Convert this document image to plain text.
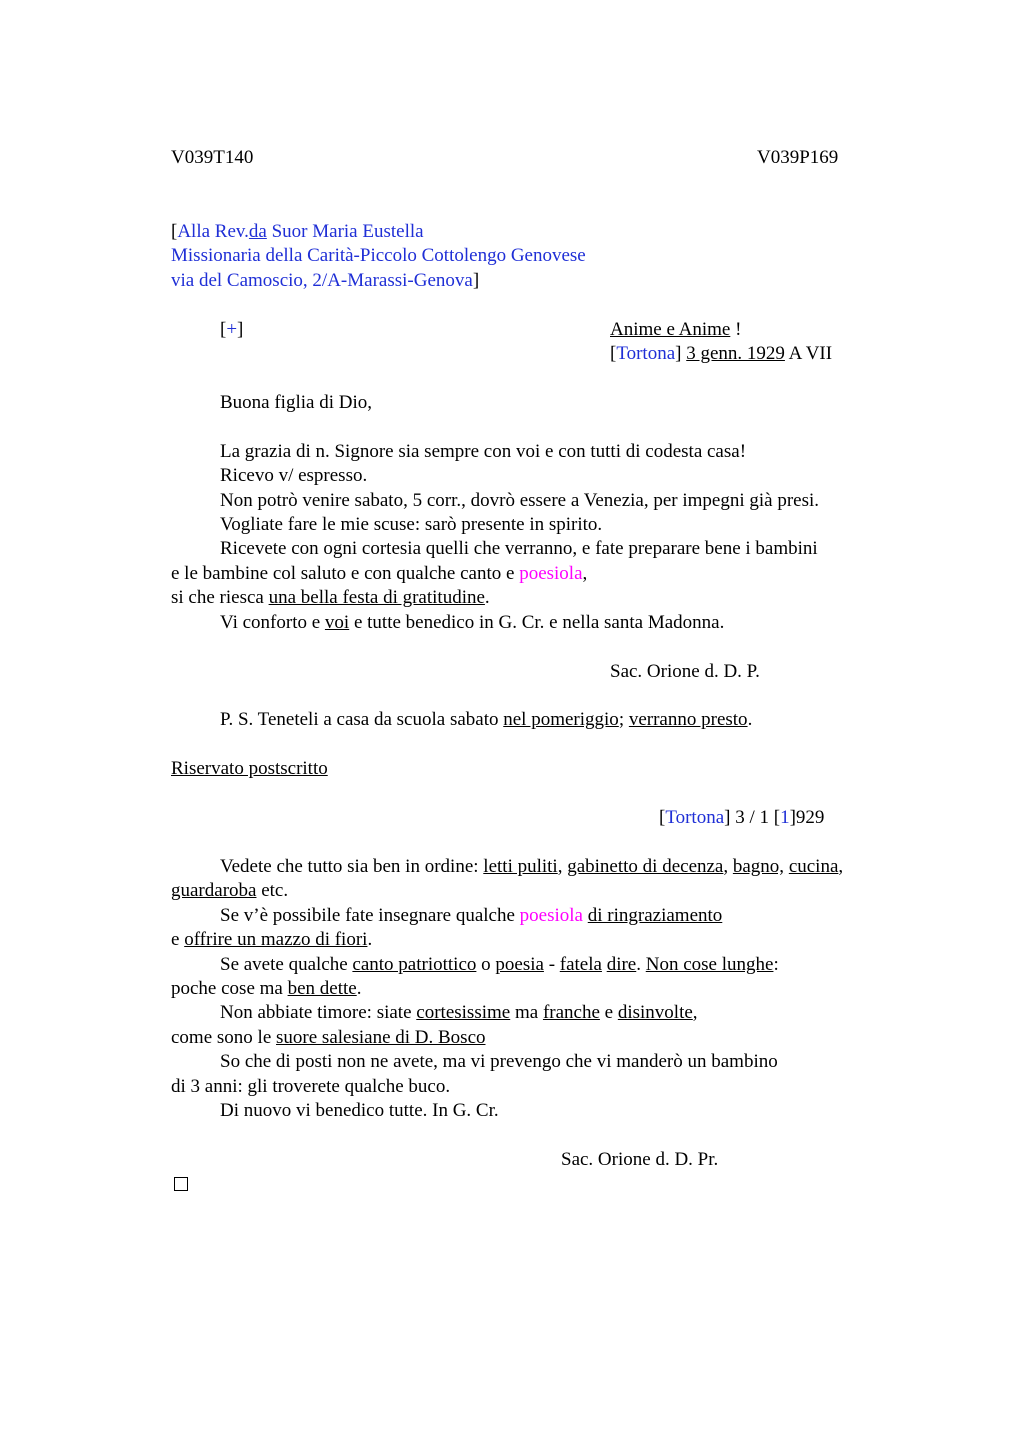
V039T140	V039P169
[Alla Rev.da Suor Maria Eustella
Missionaria della Carità-Piccolo Cottolengo Genovese
via del Camoscio, 2/A-Marassi-Genova]
[+]	Anime e Anime !
[Tortona] 3 genn. 1929 A VII
Buona figlia di Dio,
La grazia di n. Signore sia sempre con voi e con tutti di codesta casa!
Ricevo v/ espresso.
Non potrò venire sabato, 5 corr., dovrò essere a Venezia, per impegni già presi.
Vogliate fare le mie scuse: sarò presente in spirito.
Ricevete con ogni cortesia quelli che verranno, e fate preparare bene i bambini
e le bambine col saluto e con qualche canto e poesiola,
si che riesca una bella festa di gratitudine.
Vi conforto e voi e tutte benedico in G. Cr. e nella santa Madonna.
Sac. Orione d. D. P.
P. S. Teneteli a casa da scuola sabato nel pomeriggio; verranno presto.
Riservato postscritto
[Tortona] 3 / 1 [1]929
Vedete che tutto sia ben in ordine: letti puliti, gabinetto di decenza, bagno, cucina,
guardaroba etc.
Se v’è possibile fate insegnare qualche poesiola di ringraziamento
e offrire un mazzo di fiori.
Se avete qualche canto patriottico o poesia - fatela dire. Non cose lunghe:
poche cose ma ben dette.
Non abbiate timore: siate cortesissime ma franche e disinvolte,
come sono le suore salesiane di D. Bosco
So che di posti non ne avete, ma vi prevengo che vi manderò un bambino
di 3 anni: gli troverete qualche buco.
Di nuovo vi benedico tutte. In G. Cr.
Sac. Orione d. D. Pr.
